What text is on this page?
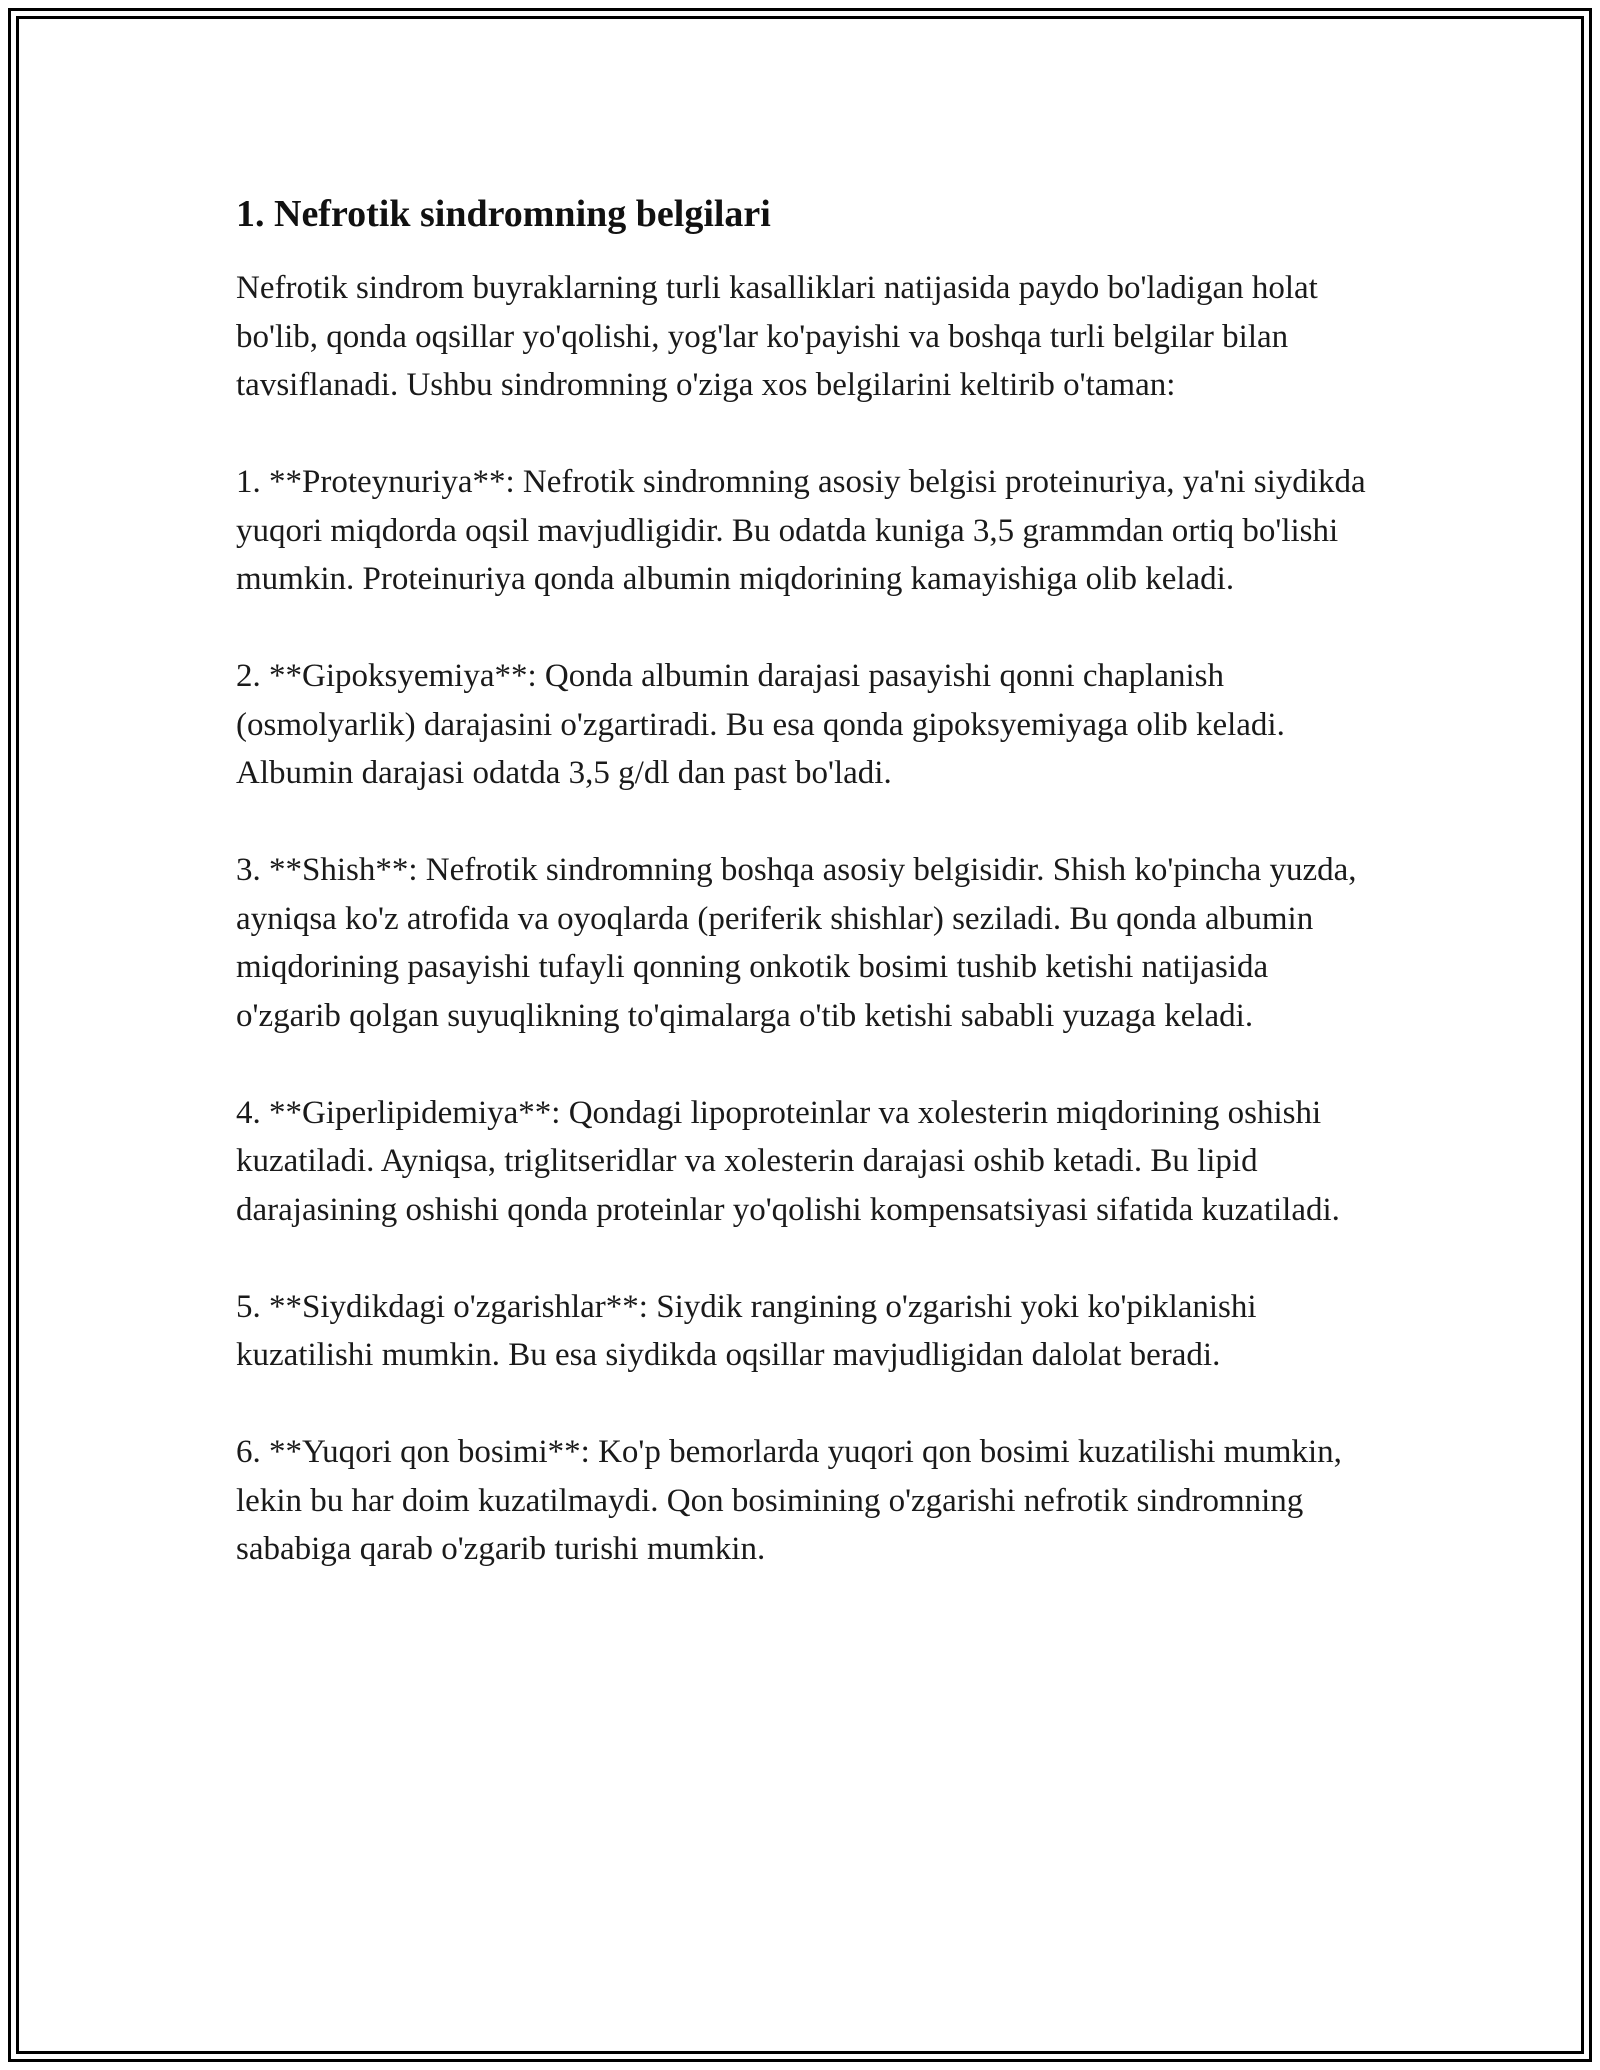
1. Nefrotik sindromning belgilari

Nefrotik sindrom buyraklarning turli kasalliklari natijasida paydo bo'ladigan holat bo'lib, qonda oqsillar yo'qolishi, yog'lar ko'payishi va boshqa turli belgilar bilan tavsiflanadi. Ushbu sindromning o'ziga xos belgilarini keltirib o'taman:

1. **Proteynuriya**: Nefrotik sindromning asosiy belgisi proteinuriya, ya'ni siydikda yuqori miqdorda oqsil mavjudligidir. Bu odatda kuniga 3,5 grammdan ortiq bo'lishi mumkin. Proteinuriya qonda albumin miqdorining kamayishiga olib keladi.

2. **Gipoksyemiya**: Qonda albumin darajasi pasayishi qonni chaplanish (osmolyarlik) darajasini o'zgartiradi. Bu esa qonda gipoksyemiyaga olib keladi. Albumin darajasi odatda 3,5 g/dl dan past bo'ladi.

3. **Shish**: Nefrotik sindromning boshqa asosiy belgisidir. Shish ko'pincha yuzda, ayniqsa ko'z atrofida va oyoqlarda (periferik shishlar) seziladi. Bu qonda albumin miqdorining pasayishi tufayli qonning onkotik bosimi tushib ketishi natijasida o'zgarib qolgan suyuqlikning to'qimalarga o'tib ketishi sababli yuzaga keladi.

4. **Giperlipidemiya**: Qondagi lipoproteinlar va xolesterin miqdorining oshishi kuzatiladi. Ayniqsa, triglitseridlar va xolesterin darajasi oshib ketadi. Bu lipid darajasining oshishi qonda proteinlar yo'qolishi kompensatsiyasi sifatida kuzatiladi.

5. **Siydikdagi o'zgarishlar**: Siydik rangining o'zgarishi yoki ko'piklanishi kuzatilishi mumkin. Bu esa siydikda oqsillar mavjudligidan dalolat beradi.

6. **Yuqori qon bosimi**: Ko'p bemorlarda yuqori qon bosimi kuzatilishi mumkin, lekin bu har doim kuzatilmaydi. Qon bosimining o'zgarishi nefrotik sindromning sababiga qarab o'zgarib turishi mumkin.
